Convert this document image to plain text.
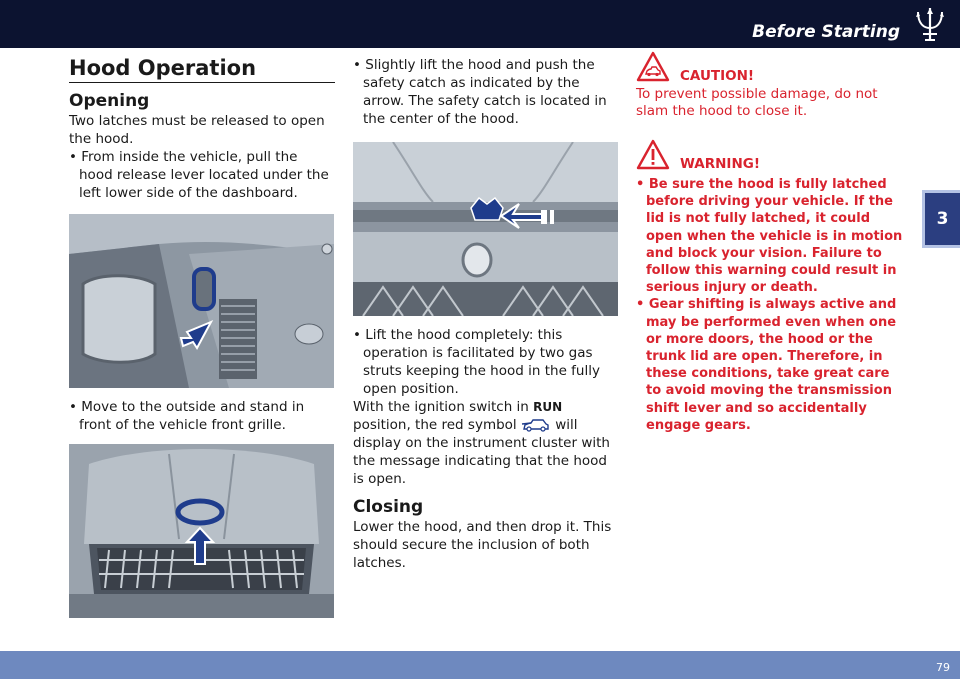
Before Starting
3
Hood Operation
Opening

Two latches must be released to open the hood.

• From inside the vehicle, pull the hood release lever located under the left lower side of the dashboard.
• Move to the outside and stand in front of the vehicle front grille.
• Slightly lift the hood and push the safety catch as indicated by the arrow. The safety catch is located in the center of the hood.
• Lift the hood completely: this operation is facilitated by two gas struts keeping the hood in the fully open position.

With the ignition switch in RUN position, the red symbol  will display on the instrument cluster with the message indicating that the hood is open.

Closing

Lower the hood, and then drop it. This should secure the inclusion of both latches.

CAUTION!

To prevent possible damage, do not slam the hood to close it.

WARNING!
• Be sure the hood is fully latched before driving your vehicle. If the lid is not fully latched, it could open when the vehicle is in motion and block your vision. Failure to follow this warning could result in serious injury or death.
• Gear shifting is always active and may be performed even when one or more doors, the hood or the trunk lid are open. Therefore, in these conditions, take great care to avoid moving the transmission shift lever and so accidentally engage gears.
79
